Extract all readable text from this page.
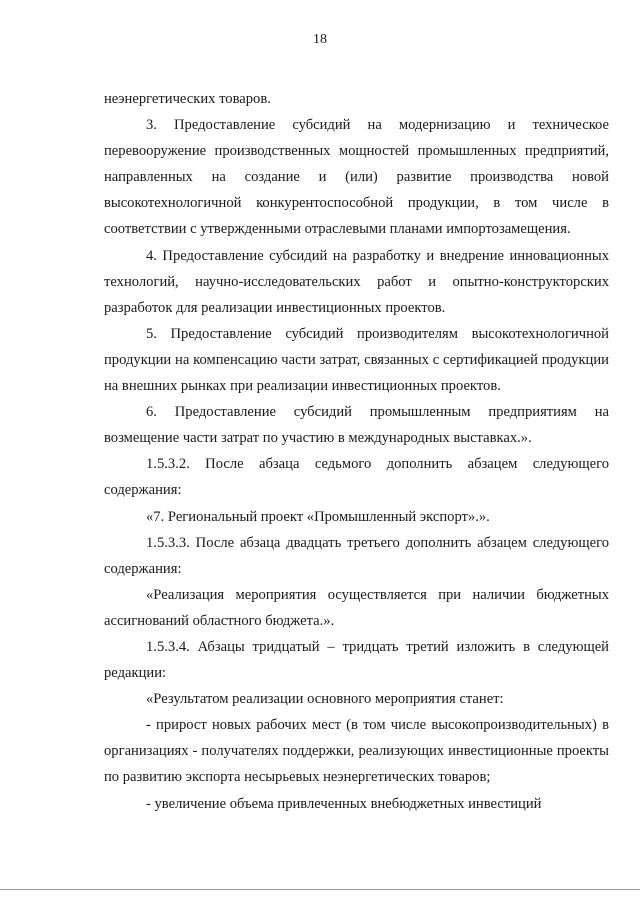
18

неэнергетических товаров.

3. Предоставление субсидий на модернизацию и техническое перевооружение производственных мощностей промышленных предприятий, направленных на создание и (или) развитие производства новой высокотехнологичной конкурентоспособной продукции, в том числе в соответствии с утвержденными отраслевыми планами импортозамещения.

4. Предоставление субсидий на разработку и внедрение инновационных технологий, научно-исследовательских работ и опытно-конструкторских разработок для реализации инвестиционных проектов.

5. Предоставление субсидий производителям высокотехнологичной продукции на компенсацию части затрат, связанных с сертификацией продукции на внешних рынках при реализации инвестиционных проектов.

6. Предоставление субсидий промышленным предприятиям на возмещение части затрат по участию в международных выставках.».

1.5.3.2. После абзаца седьмого дополнить абзацем следующего содержания:

«7. Региональный проект «Промышленный экспорт».».

1.5.3.3. После абзаца двадцать третьего дополнить абзацем следующего содержания:

«Реализация мероприятия осуществляется при наличии бюджетных ассигнований областного бюджета.».

1.5.3.4. Абзацы тридцатый – тридцать третий изложить в следующей редакции:

«Результатом реализации основного мероприятия станет:

- прирост новых рабочих мест (в том числе высокопроизводительных) в организациях - получателях поддержки, реализующих инвестиционные проекты по развитию экспорта несырьевых неэнергетических товаров;

- увеличение объема привлеченных внебюджетных инвестиций
